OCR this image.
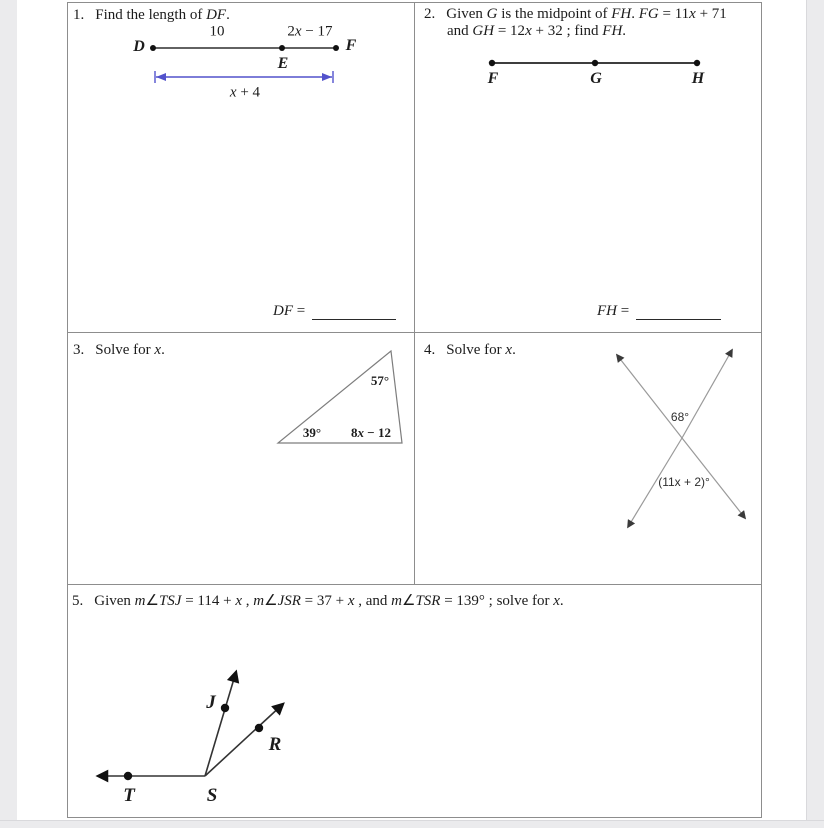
1. Find the length of DF.
D
10	2x − 17
F
E
x + 4
DF =
2. Given G is the midpoint of FH. FG = 11x + 71
and GH = 12x + 32 ; find FH.
F	G	H
FH =
3. Solve for x.
57°
39° 8x − 12
4. Solve for x.
68°
(11x + 2)°
5. Given m∠TSJ = 114 + x , m∠JSR = 37 + x , and m∠TSR = 139° ; solve for x.
J
R
T	S
